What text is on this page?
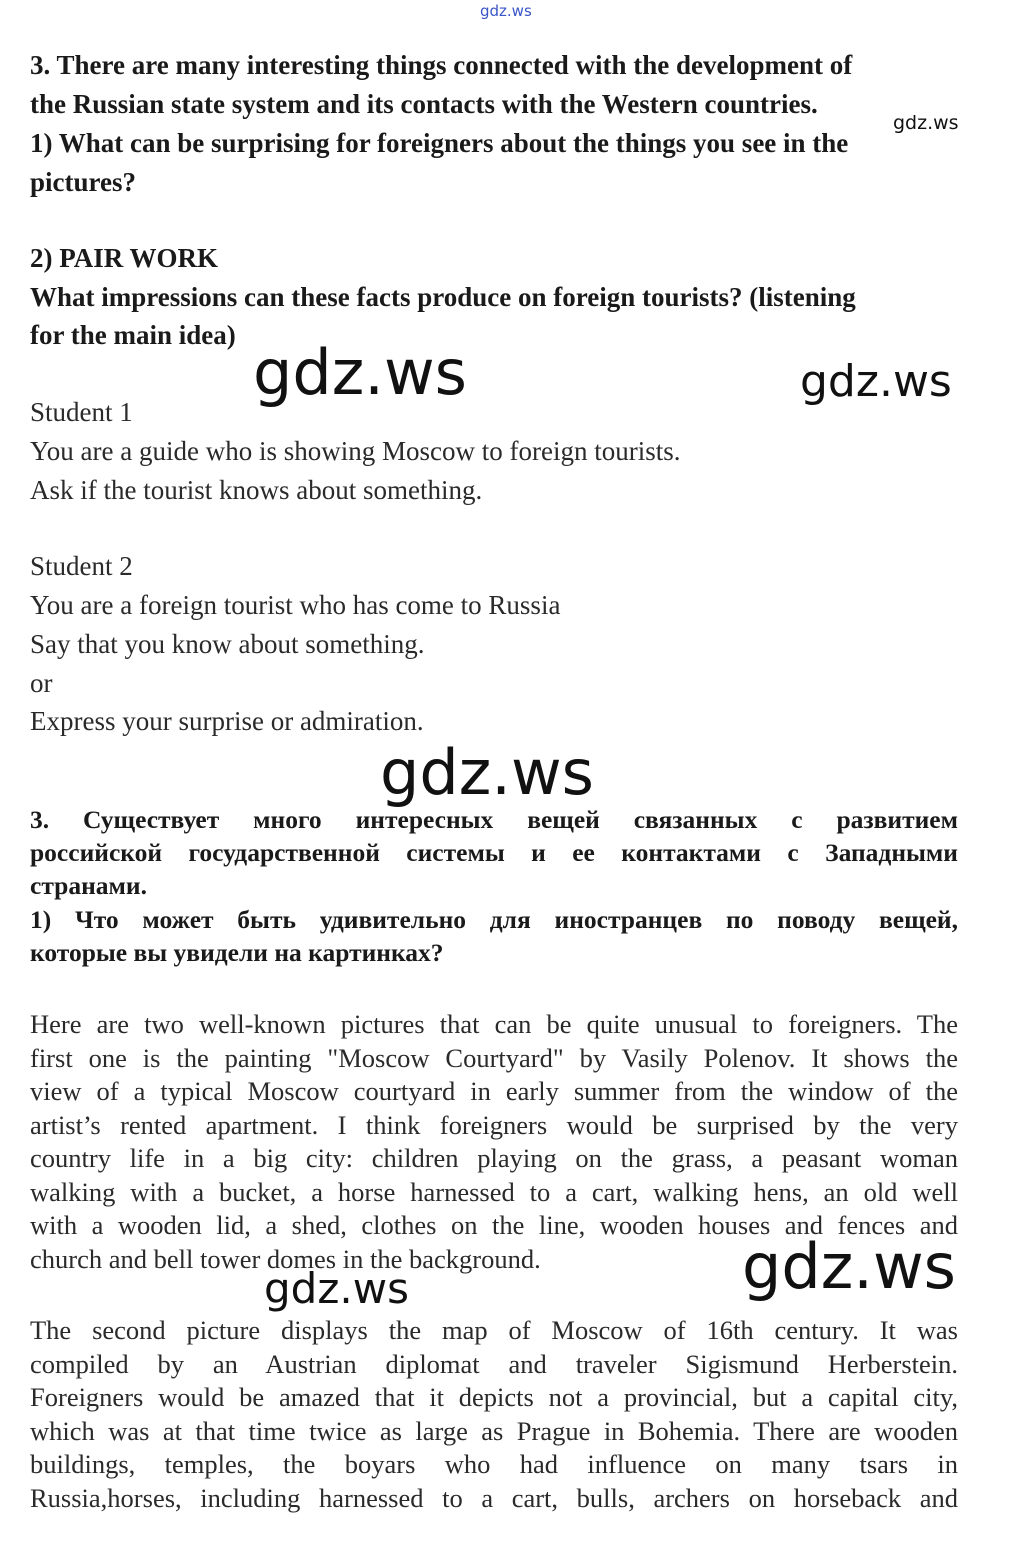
gdz.ws
gdz.ws
gdz.ws	gdz.ws
gdz.ws
gdz.ws
gdz.ws
3. There are many interesting things connected with the development of
the Russian state system and its contacts with the Western countries.
1) What can be surprising for foreigners about the things you see in the
pictures?
2) PAIR WORK
What impressions can these facts produce on foreign tourists? (listening
for the main idea)
Student 1
You are a guide who is showing Moscow to foreign tourists.
Ask if the tourist knows about something.
Student 2
You are a foreign tourist who has come to Russia
Say that you know about something.
or
Express your surprise or admiration.
3. Существует много интересных вещей связанных с развитием
российской государственной системы и ее контактами с Западными
странами.
1) Что может быть удивительно для иностранцев по поводу вещей,
которые вы увидели на картинках?
Here are two well-known pictures that can be quite unusual to foreigners. The
first one is the painting "Moscow Courtyard" by Vasily Polenov. It shows the
view of a typical Moscow courtyard in early summer from the window of the
artist’s rented apartment. I think foreigners would be surprised by the very
country life in a big city: children playing on the grass, a peasant woman
walking with a bucket, a horse harnessed to a cart, walking hens, an old well
with a wooden lid, a shed, clothes on the line, wooden houses and fences and
church and bell tower domes in the background.
The second picture displays the map of Moscow of 16th century. It was
compiled by an Austrian diplomat and traveler Sigismund Herberstein.
Foreigners would be amazed that it depicts not a provincial, but a capital city,
which was at that time twice as large as Prague in Bohemia. There are wooden
buildings, temples, the boyars who had influence on many tsars in
Russia,horses, including harnessed to a cart, bulls, archers on horseback and
